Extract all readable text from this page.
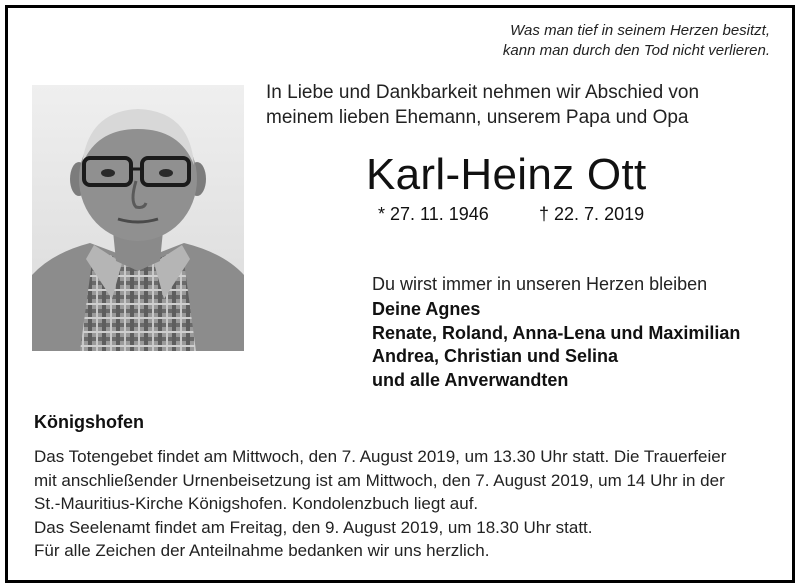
Was man tief in seinem Herzen besitzt,
kann man durch den Tod nicht verlieren.
In Liebe und Dankbarkeit nehmen wir Abschied von
meinem lieben Ehemann, unserem Papa und Opa
Karl-Heinz Ott
* 27. 11. 1946	† 22. 7. 2019
Du wirst immer in unseren Herzen bleiben
Deine Agnes
Renate, Roland, Anna-Lena und Maximilian
Andrea, Christian und Selina
und alle Anverwandten
Königshofen
Das Totengebet findet am Mittwoch, den 7. August 2019, um 13.30 Uhr statt. Die Trauerfeier
mit anschließender Urnenbeisetzung ist am Mittwoch, den 7. August 2019, um 14 Uhr in der
St.-Mauritius-Kirche Königshofen. Kondolenzbuch liegt auf.
Das Seelenamt findet am Freitag, den 9. August 2019, um 18.30 Uhr statt.
Für alle Zeichen der Anteilnahme bedanken wir uns herzlich.
